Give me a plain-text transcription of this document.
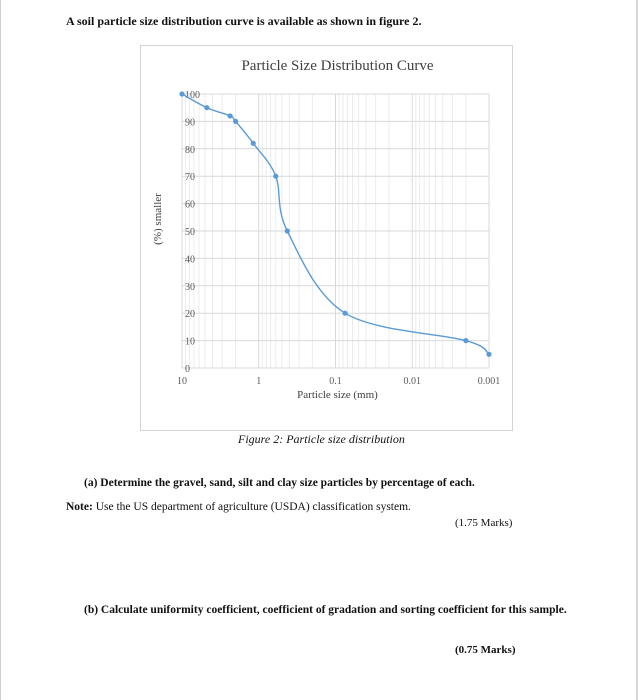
A soil particle size distribution curve is available as shown in figure 2.
0
10
20
30
40
50
60
70
80
90
100
10	1	0.1	0.01	0.001
Particle Size Distribution Curve
Particle size (mm)
(%) smaller
Figure 2: Particle size distribution
(a) Determine the gravel, sand, silt and clay size particles by percentage of each.
Note: Use the US department of agriculture (USDA) classification system.
(1.75 Marks)
(b) Calculate uniformity coefficient, coefficient of gradation and sorting coefficient for this sample.
(0.75 Marks)
